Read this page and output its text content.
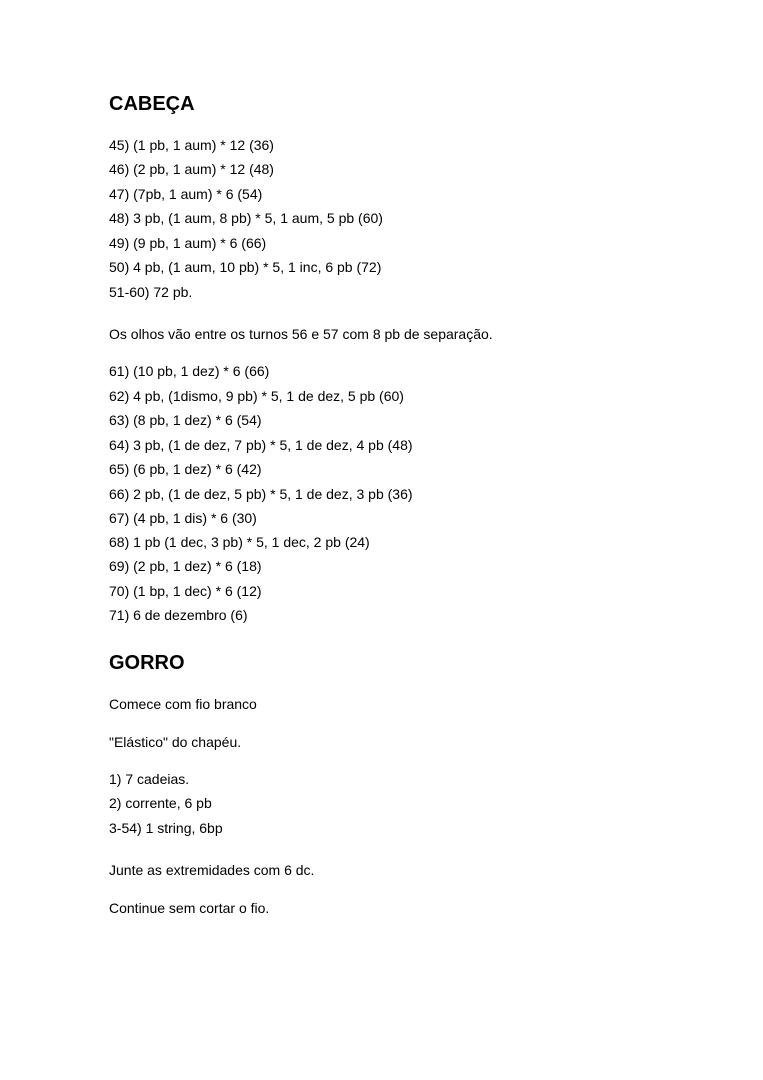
CABEÇA
45) (1 pb, 1 aum) * 12 (36)
46) (2 pb, 1 aum) * 12 (48)
47) (7pb, 1 aum) * 6 (54)
48) 3 pb, (1 aum, 8 pb) * 5, 1 aum, 5 pb (60)
49) (9 pb, 1 aum) * 6 (66)
50) 4 pb, (1 aum, 10 pb) * 5, 1 inc, 6 pb (72)
51-60) 72 pb.
Os olhos vão entre os turnos 56 e 57 com 8 pb de separação.
61) (10 pb, 1 dez) * 6 (66)
62) 4 pb, (1dismo, 9 pb) * 5, 1 de dez, 5 pb (60)
63) (8 pb, 1 dez) * 6 (54)
64) 3 pb, (1 de dez, 7 pb) * 5, 1 de dez, 4 pb (48)
65) (6 pb, 1 dez) * 6 (42)
66) 2 pb, (1 de dez, 5 pb) * 5, 1 de dez, 3 pb (36)
67) (4 pb, 1 dis) * 6 (30)
68) 1 pb (1 dec, 3 pb) * 5, 1 dec, 2 pb (24)
69) (2 pb, 1 dez) * 6 (18)
70) (1 bp, 1 dec) * 6 (12)
71) 6 de dezembro (6)
GORRO
Comece com fio branco
"Elástico" do chapéu.
1) 7 cadeias.
2) corrente, 6 pb
3-54) 1 string, 6bp
Junte as extremidades com 6 dc.
Continue sem cortar o fio.
